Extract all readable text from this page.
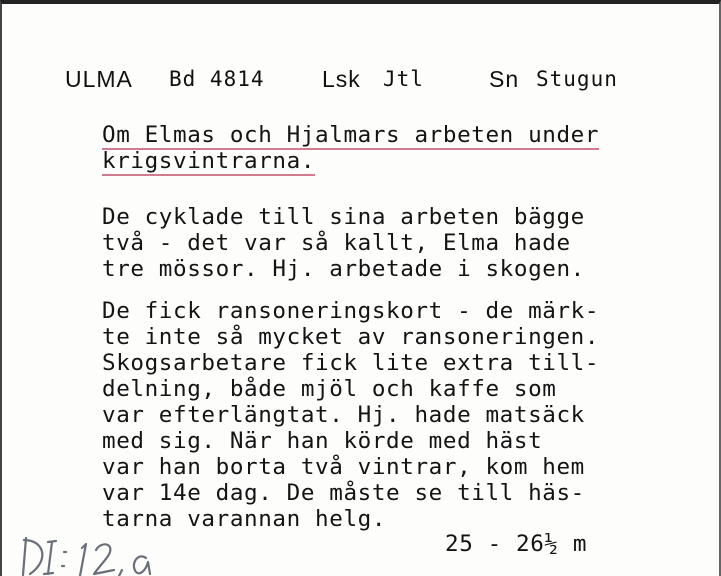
ULMA Bd 4814 Lsk Jtl	Sn Stugun
Om Elmas och Hjalmars arbeten under
krigsvintrarna.
De cyklade till sina arbeten bägge
två - det var så kallt, Elma hade
tre mössor. Hj. arbetade i skogen.
De fick ransoneringskort - de märk-
te inte så mycket av ransoneringen.
Skogsarbetare fick lite extra till-
delning, både mjöl och kaffe som
var efterlängtat. Hj. hade matsäck
med sig. När han körde med häst
var han borta två vintrar, kom hem
var 14e dag. De måste se till häs-
tarna varannan helg.
25 - 26½ m
